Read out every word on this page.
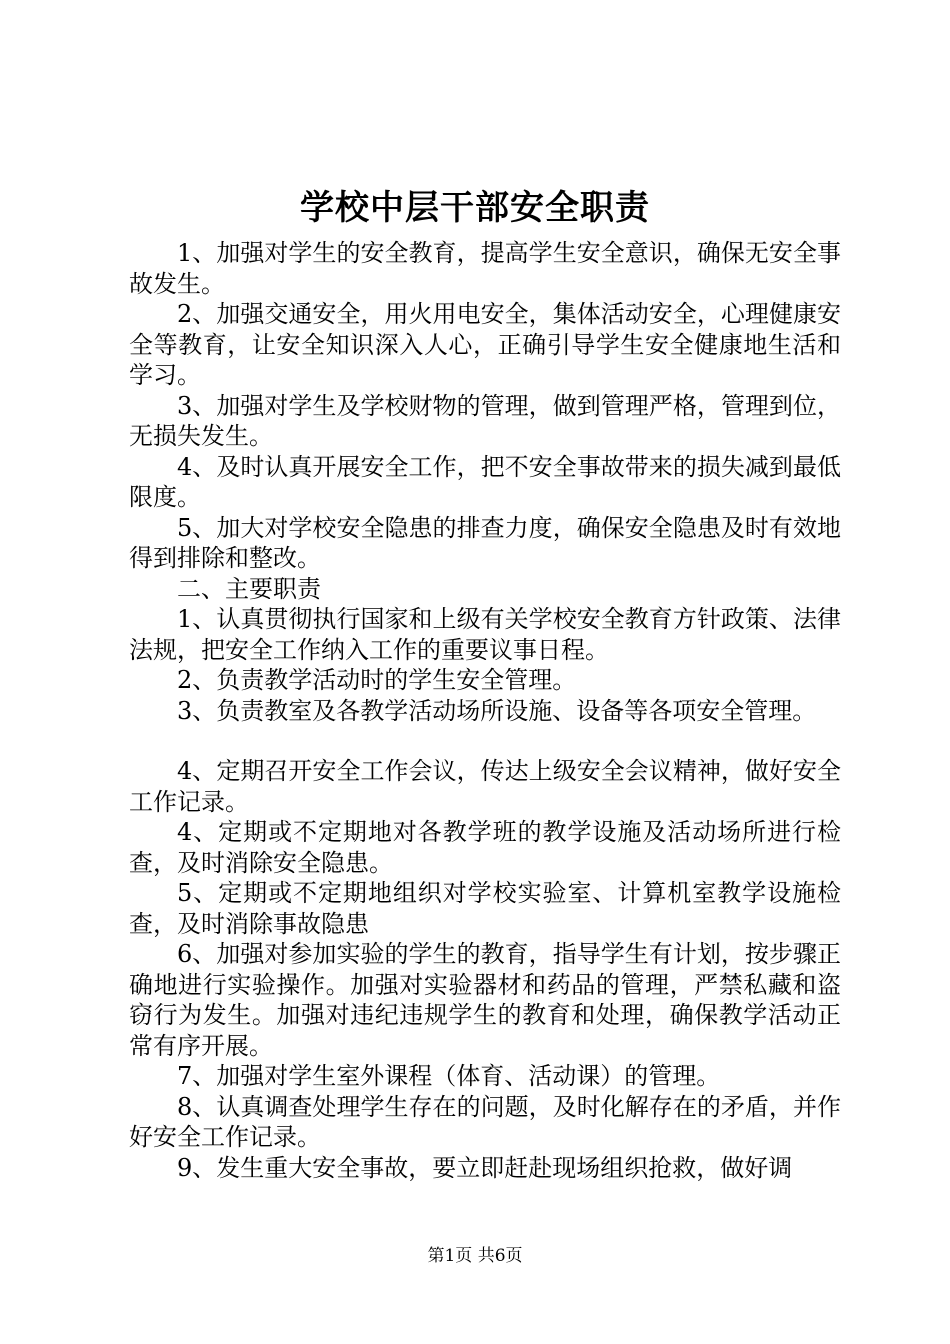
学校中层干部安全职责

1、加强对学生的安全教育，提高学生安全意识，确保无安全事故发生。

2、加强交通安全，用火用电安全，集体活动安全，心理健康安全等教育，让安全知识深入人心，正确引导学生安全健康地生活和学习。

3、加强对学生及学校财物的管理，做到管理严格，管理到位，无损失发生。

4、及时认真开展安全工作，把不安全事故带来的损失减到最低限度。

5、加大对学校安全隐患的排查力度，确保安全隐患及时有效地得到排除和整改。

二、主要职责

1、认真贯彻执行国家和上级有关学校安全教育方针政策、法律法规，把安全工作纳入工作的重要议事日程。

2、负责教学活动时的学生安全管理。

3、负责教室及各教学活动场所设施、设备等各项安全管理。

4、定期召开安全工作会议，传达上级安全会议精神，做好安全工作记录。

4、定期或不定期地对各教学班的教学设施及活动场所进行检查，及时消除安全隐患。

5、定期或不定期地组织对学校实验室、计算机室教学设施检查，及时消除事故隐患

6、加强对参加实验的学生的教育，指导学生有计划，按步骤正确地进行实验操作。加强对实验器材和药品的管理，严禁私藏和盗窃行为发生。加强对违纪违规学生的教育和处理，确保教学活动正常有序开展。

7、加强对学生室外课程（体育、活动课）的管理。

8、认真调查处理学生存在的问题，及时化解存在的矛盾，并作好安全工作记录。

9、发生重大安全事故，要立即赶赴现场组织抢救，做好调

第1页 共6页
